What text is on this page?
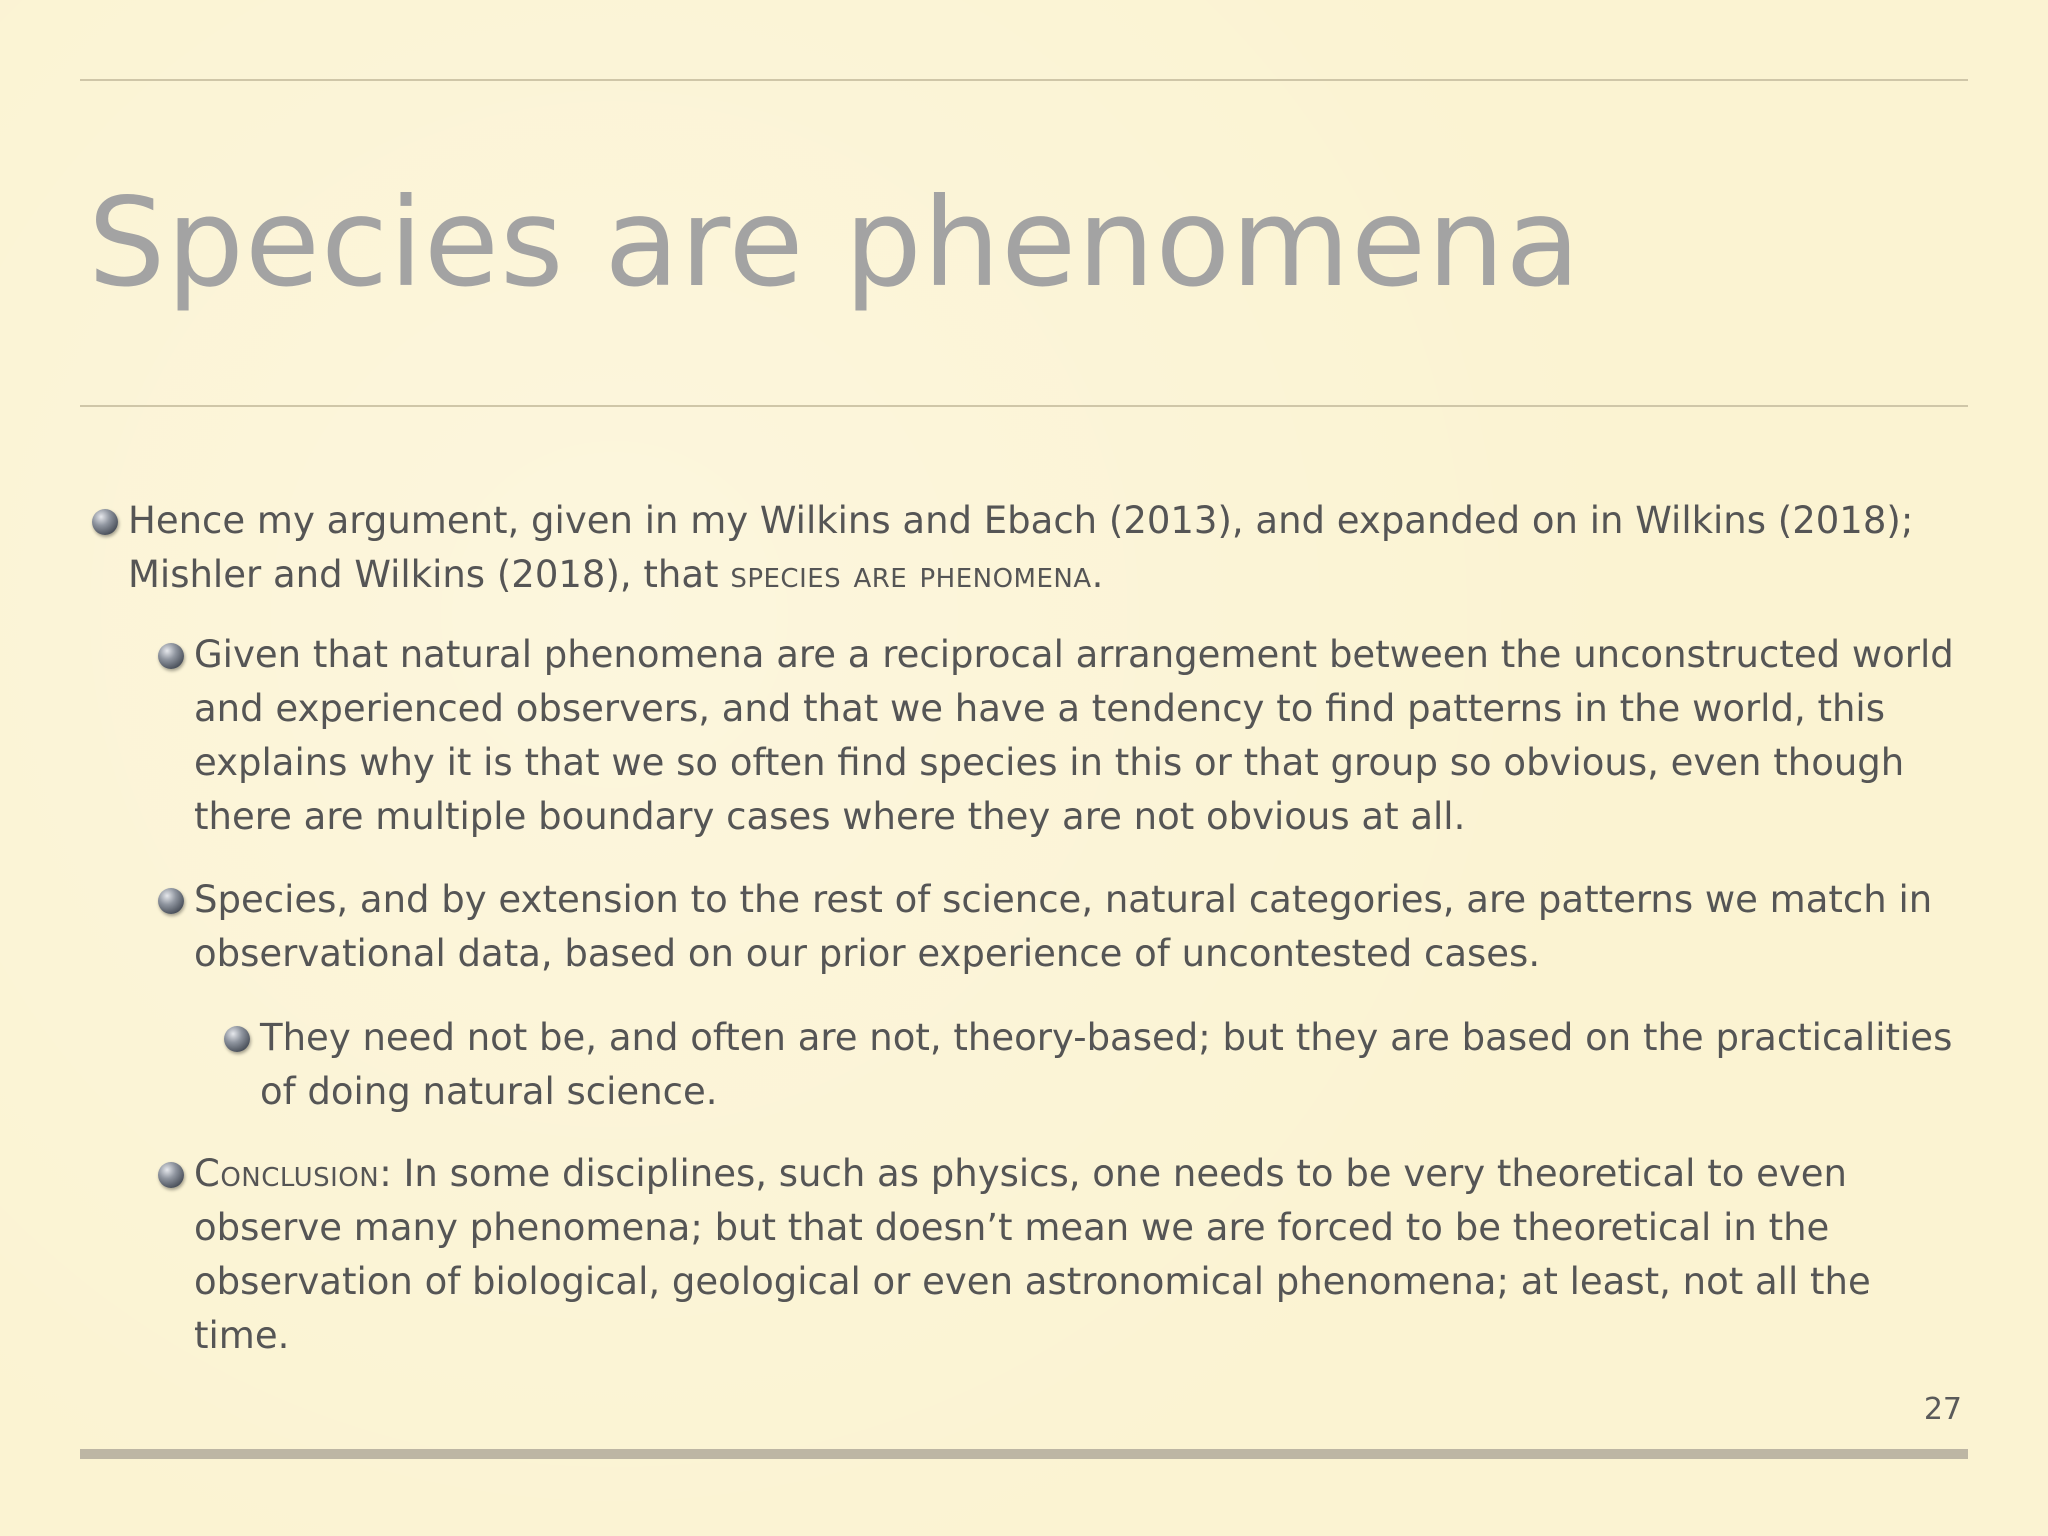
Species are phenomena
Hence my argument, given in my Wilkins and Ebach (2013), and expanded on in Wilkins (2018); Mishler and Wilkins (2018), that species are phenomena.
Given that natural phenomena are a reciprocal arrangement between the unconstructed world and experienced observers, and that we have a tendency to find patterns in the world, this explains why it is that we so often find species in this or that group so obvious, even though there are multiple boundary cases where they are not obvious at all.
Species, and by extension to the rest of science, natural categories, are patterns we match in observational data, based on our prior experience of uncontested cases.
They need not be, and often are not, theory-based; but they are based on the practicalities of doing natural science.
Conclusion: In some disciplines, such as physics, one needs to be very theoretical to even observe many phenomena; but that doesn’t mean we are forced to be theoretical in the observation of biological, geological or even astronomical phenomena; at least, not all the time.
27
